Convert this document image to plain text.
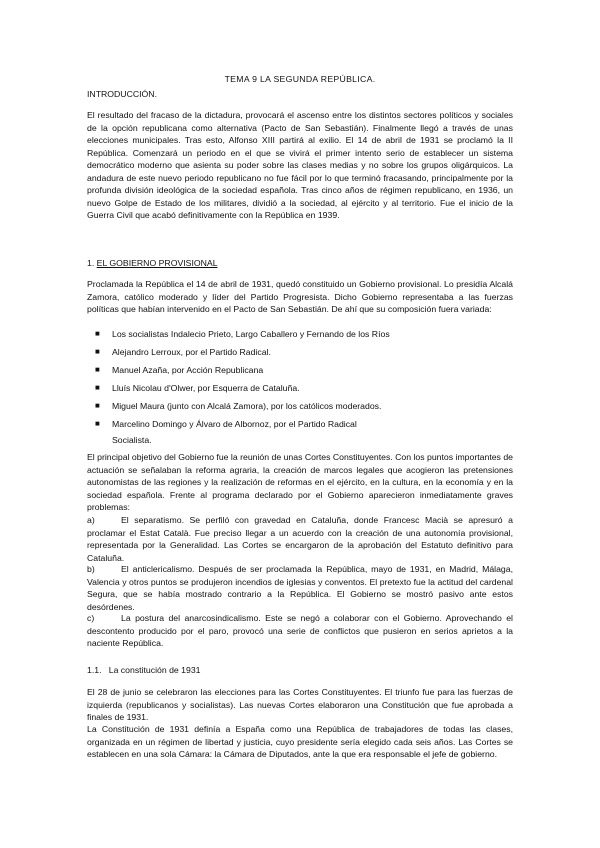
TEMA 9 LA SEGUNDA REPÚBLICA.
INTRODUCCIÓN.
El resultado del fracaso de la dictadura, provocará el ascenso entre los distintos sectores políticos y sociales de la opción republicana como alternativa (Pacto de San Sebastián). Finalmente llegó a través de unas elecciones municipales. Tras esto, Alfonso XIII partirá al exilio. El 14 de abril de 1931 se proclamó la II República. Comenzará un periodo en el que se vivirá el primer intento serio de establecer un sistema democrático moderno que asienta su poder sobre las clases medias y no sobre los grupos oligárquicos. La andadura de este nuevo periodo republicano no fue fácil por lo que terminó fracasando, principalmente por la profunda división ideológica de la sociedad española. Tras cinco años de régimen republicano, en 1936, un nuevo Golpe de Estado de los militares, dividió a la sociedad, al ejército y al territorio. Fue el inicio de la Guerra Civil que acabó definitivamente con la República en 1939.
1. EL GOBIERNO PROVISIONAL
Proclamada la República el 14 de abril de 1931, quedó constituido un Gobierno provisional. Lo presidía Alcalá Zamora, católico moderado y líder del Partido Progresista. Dicho Gobierno representaba a las fuerzas políticas que habían intervenido en el Pacto de San Sebastián. De ahí que su composición fuera variada:
■ Los socialistas Indalecio Prieto, Largo Caballero y Fernando de los Ríos
■ Alejandro Lerroux, por el Partido Radical.
■ Manuel Azaña, por Acción Republicana
■ Lluís Nicolau d'Olwer, por Esquerra de Cataluña.
■ Miguel Maura (junto con Alcalá Zamora), por los católicos moderados.
■ Marcelino Domingo y Álvaro de Albornoz, por el Partido Radical
Socialista.
El principal objetivo del Gobierno fue la reunión de unas Cortes Constituyentes. Con los puntos importantes de actuación se señalaban la reforma agraria, la creación de marcos legales que acogieron las pretensiones autonomistas de las regiones y la realización de reformas en el ejército, en la cultura, en la economía y en la sociedad española. Frente al programa declarado por el Gobierno aparecieron inmediatamente graves problemas:
a)	El separatismo. Se perfiló con gravedad en Cataluña, donde Francesc Macià se apresuró a proclamar el Estat Català. Fue preciso llegar a un acuerdo con la creación de una autonomía provisional, representada por la Generalidad. Las Cortes se encargaron de la aprobación del Estatuto definitivo para Cataluña.

b)	El anticlericalismo. Después de ser proclamada la República, mayo de 1931, en Madrid, Málaga, Valencia y otros puntos se produjeron incendios de iglesias y conventos. El pretexto fue la actitud del cardenal Segura, que se había mostrado contrario a la República. El Gobierno se mostró pasivo ante estos desórdenes.

c)	La postura del anarcosindicalismo. Este se negó a colaborar con el Gobierno. Aprovechando el descontento producido por el paro, provocó una serie de conflictos que pusieron en serios aprietos a la naciente República.

1.1.   La constitución de 1931
El 28 de junio se celebraron las elecciones para las Cortes Constituyentes. El triunfo fue para las fuerzas de izquierda (republicanos y socialistas). Las nuevas Cortes elaboraron una Constitución que fue aprobada a finales de 1931.
La Constitución de 1931 definía a España como una República de trabajadores de todas las clases, organizada en un régimen de libertad y justicia, cuyo presidente sería elegido cada seis años. Las Cortes se establecen en una sola Cámara: la Cámara de Diputados, ante la que era responsable el jefe de gobierno.
